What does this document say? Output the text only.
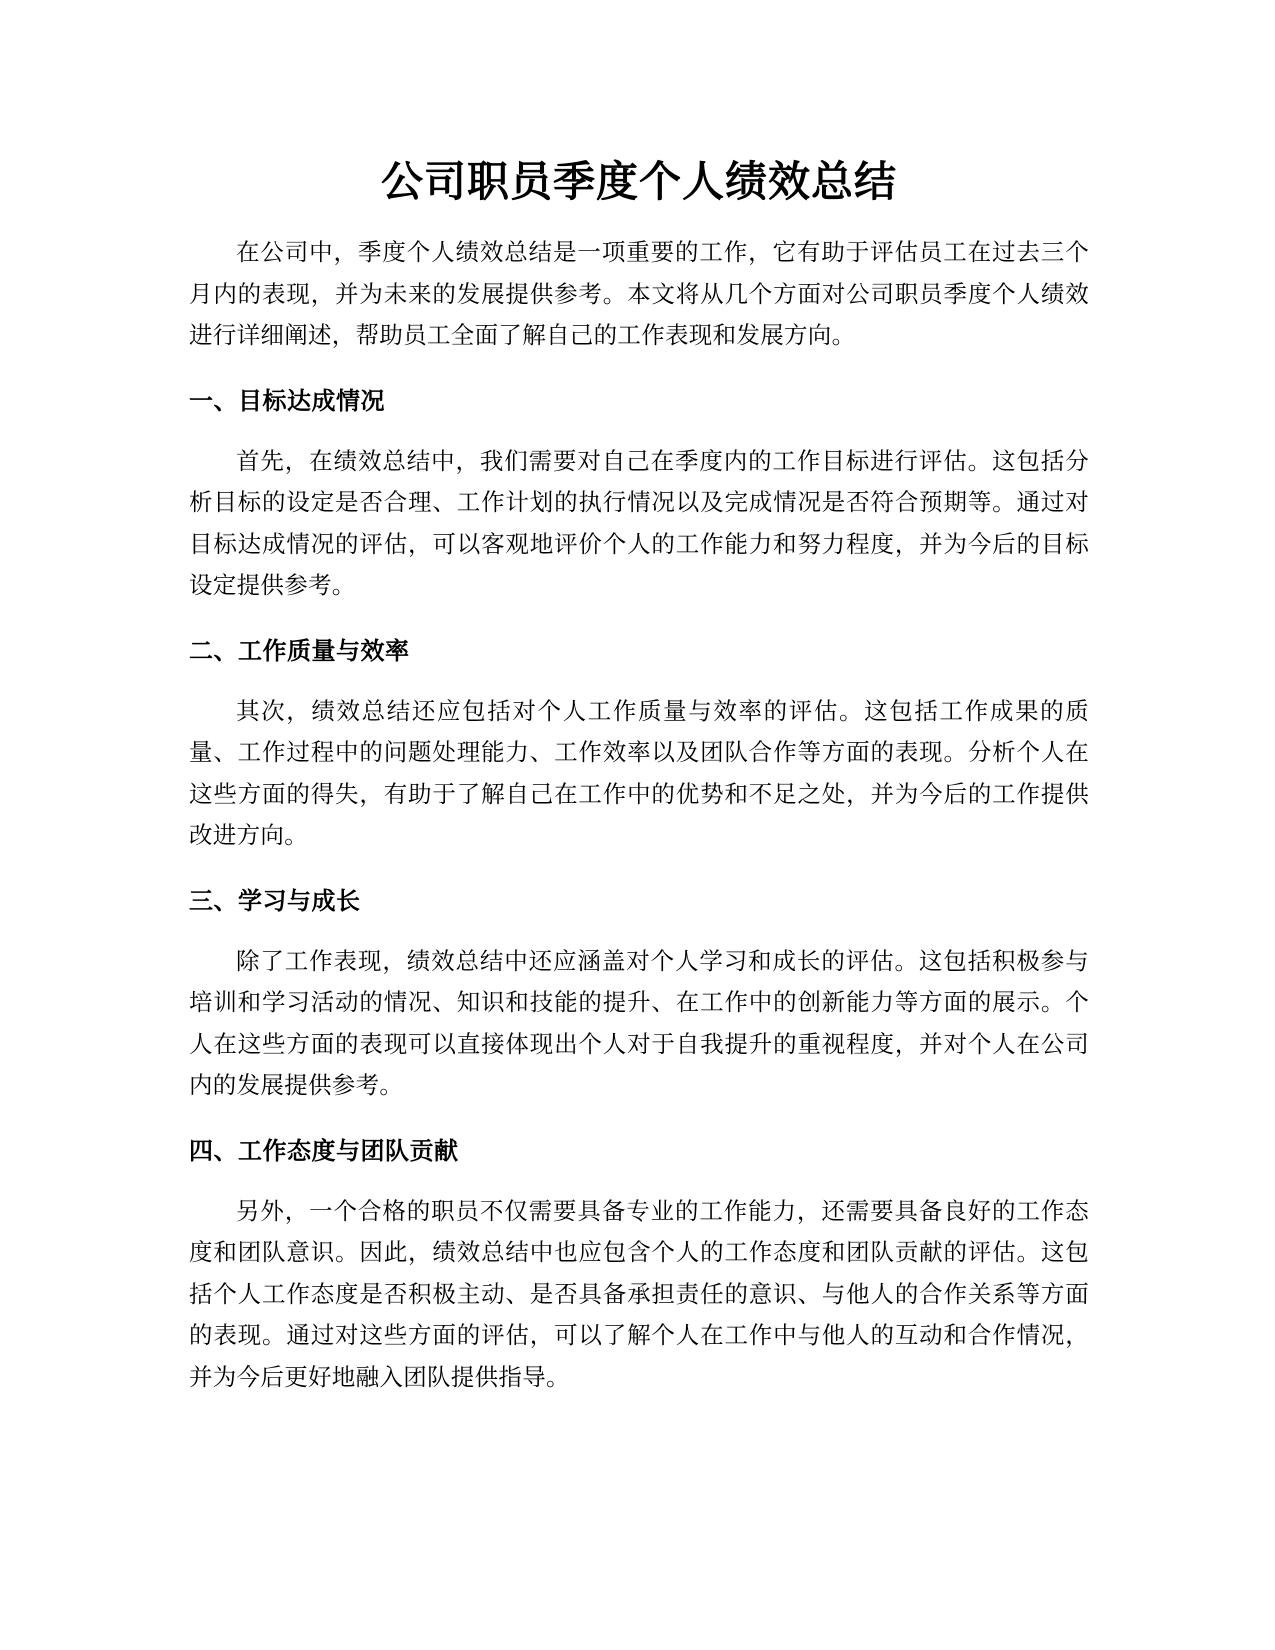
公司职员季度个人绩效总结

在公司中，季度个人绩效总结是一项重要的工作，它有助于评估员工在过去三个月内的表现，并为未来的发展提供参考。本文将从几个方面对公司职员季度个人绩效进行详细阐述，帮助员工全面了解自己的工作表现和发展方向。

一、目标达成情况

首先，在绩效总结中，我们需要对自己在季度内的工作目标进行评估。这包括分析目标的设定是否合理、工作计划的执行情况以及完成情况是否符合预期等。通过对目标达成情况的评估，可以客观地评价个人的工作能力和努力程度，并为今后的目标设定提供参考。

二、工作质量与效率

其次，绩效总结还应包括对个人工作质量与效率的评估。这包括工作成果的质量、工作过程中的问题处理能力、工作效率以及团队合作等方面的表现。分析个人在这些方面的得失，有助于了解自己在工作中的优势和不足之处，并为今后的工作提供改进方向。

三、学习与成长

除了工作表现，绩效总结中还应涵盖对个人学习和成长的评估。这包括积极参与培训和学习活动的情况、知识和技能的提升、在工作中的创新能力等方面的展示。个人在这些方面的表现可以直接体现出个人对于自我提升的重视程度，并对个人在公司内的发展提供参考。

四、工作态度与团队贡献

另外，一个合格的职员不仅需要具备专业的工作能力，还需要具备良好的工作态度和团队意识。因此，绩效总结中也应包含个人的工作态度和团队贡献的评估。这包括个人工作态度是否积极主动、是否具备承担责任的意识、与他人的合作关系等方面的表现。通过对这些方面的评估，可以了解个人在工作中与他人的互动和合作情况，并为今后更好地融入团队提供指导。
